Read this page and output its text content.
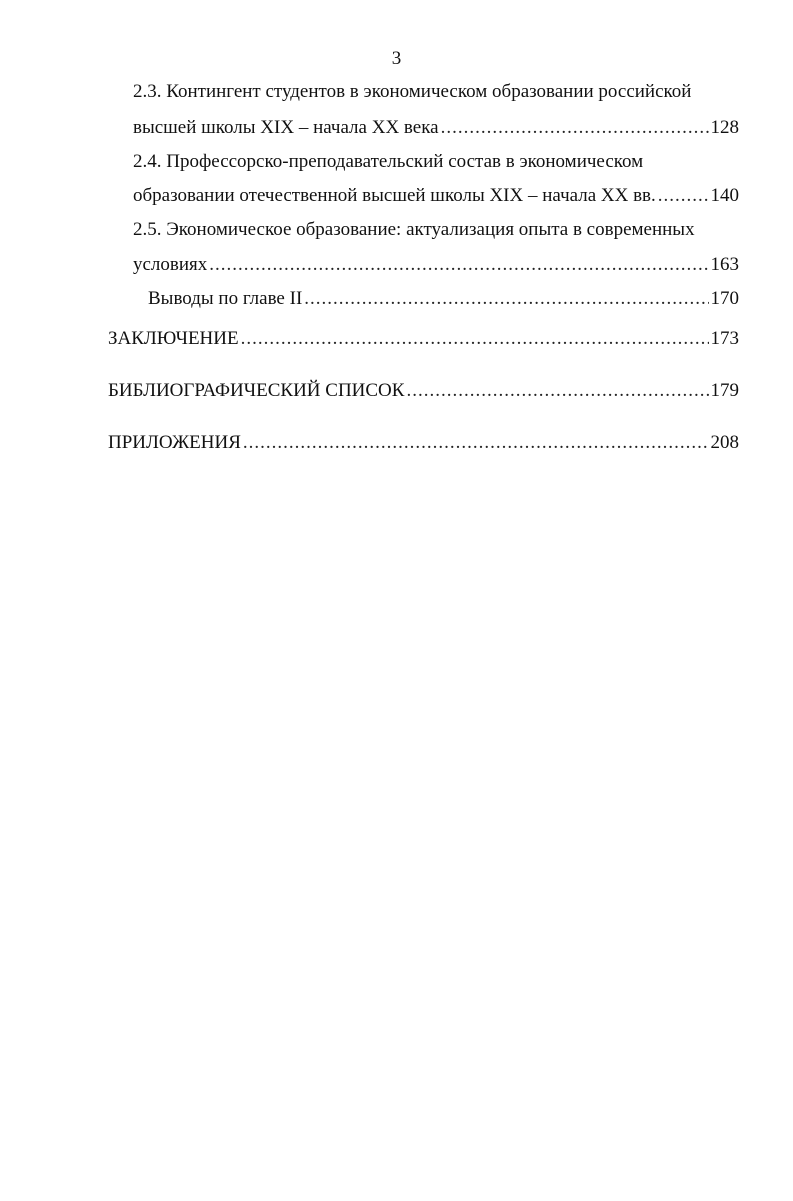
3
2.3. Контингент студентов в экономическом образовании российской
высшей школы XIX – начала XX века .....	128
2.4. Профессорско-преподавательский состав в экономическом
образовании отечественной высшей школы XIX – начала XX вв. .....	140
2.5. Экономическое образование: актуализация опыта в современных
условиях .....	163
Выводы по главе II .....	170
ЗАКЛЮЧЕНИЕ .....	173
БИБЛИОГРАФИЧЕСКИЙ СПИСОК .....	179
ПРИЛОЖЕНИЯ .....	208
